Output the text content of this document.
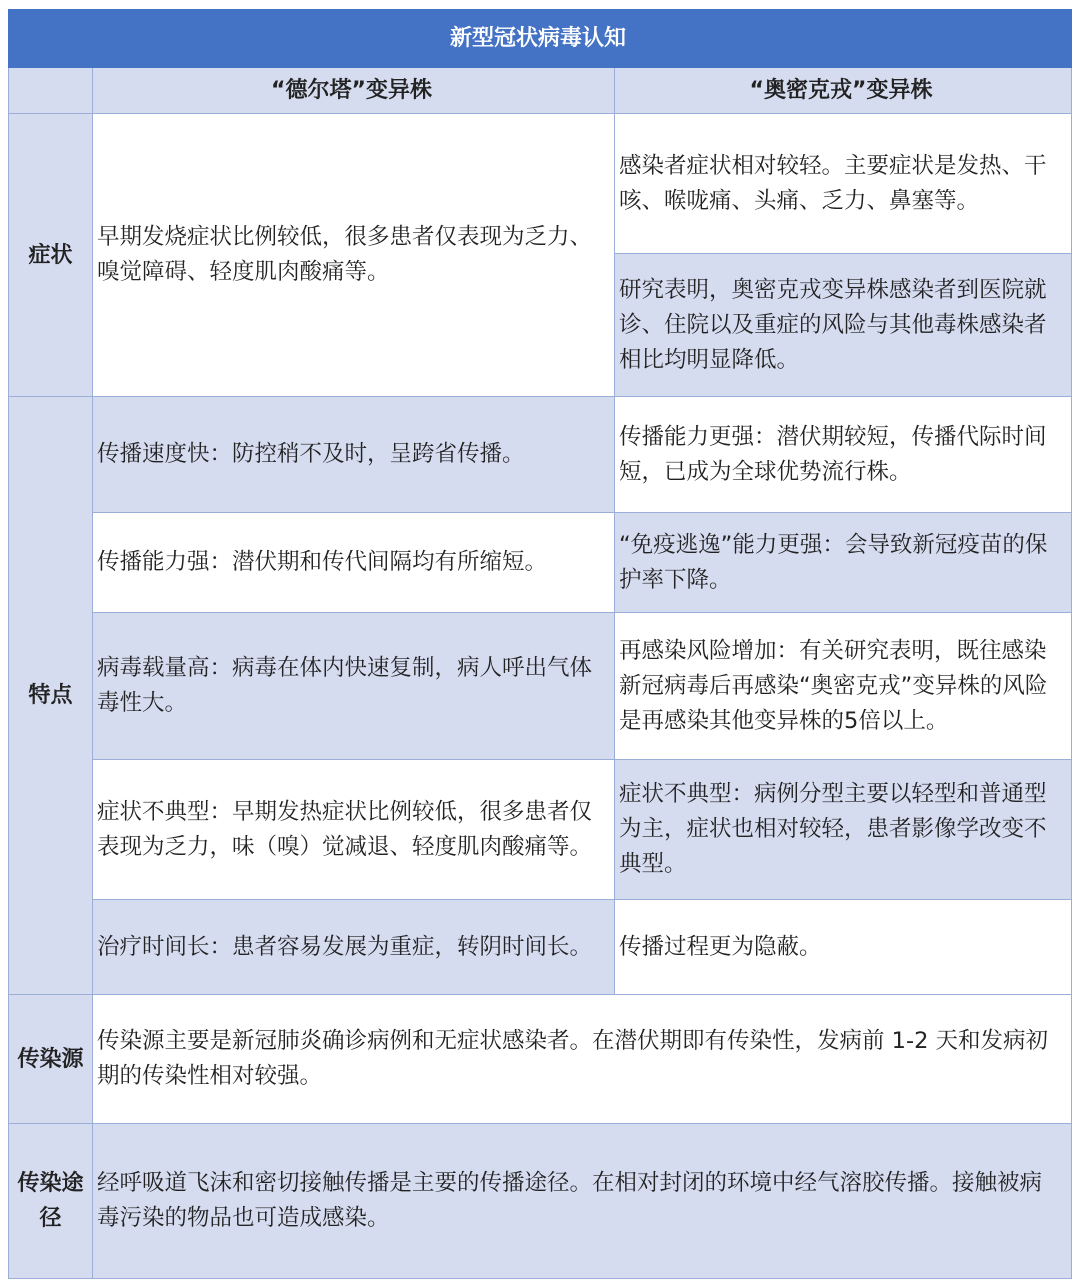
新型冠状病毒认知		
	“德尔塔”变异株	“奥密克戎”变异株
症状	早期发烧症状比例较低，很多患者仅表现为乏力、嗅觉障碍、轻度肌肉酸痛等。	感染者症状相对较轻。主要症状是发热、干咳、喉咙痛、头痛、乏力、鼻塞等。
		研究表明，奥密克戎变异株感染者到医院就诊、住院以及重症的风险与其他毒株感染者相比均明显降低。
特点	传播速度快：防控稍不及时，呈跨省传播。	传播能力更强：潜伏期较短，传播代际时间短，已成为全球优势流行株。
	传播能力强：潜伏期和传代间隔均有所缩短。	“免疫逃逸”能力更强：会导致新冠疫苗的保护率下降。
	病毒载量高：病毒在体内快速复制，病人呼出气体毒性大。	再感染风险增加：有关研究表明，既往感染新冠病毒后再感染“奥密克戎”变异株的风险是再感染其他变异株的5倍以上。
	症状不典型：早期发热症状比例较低，很多患者仅表现为乏力，味（嗅）觉减退、轻度肌肉酸痛等。	症状不典型：病例分型主要以轻型和普通型为主，症状也相对较轻，患者影像学改变不典型。
	治疗时间长：患者容易发展为重症，转阴时间长。	传播过程更为隐蔽。
传染源	传染源主要是新冠肺炎确诊病例和无症状感染者。在潜伏期即有传染性，发病前 1-2 天和发病初期的传染性相对较强。	
传染途径	经呼吸道飞沫和密切接触传播是主要的传播途径。在相对封闭的环境中经气溶胶传播。接触被病毒污染的物品也可造成感染。	
